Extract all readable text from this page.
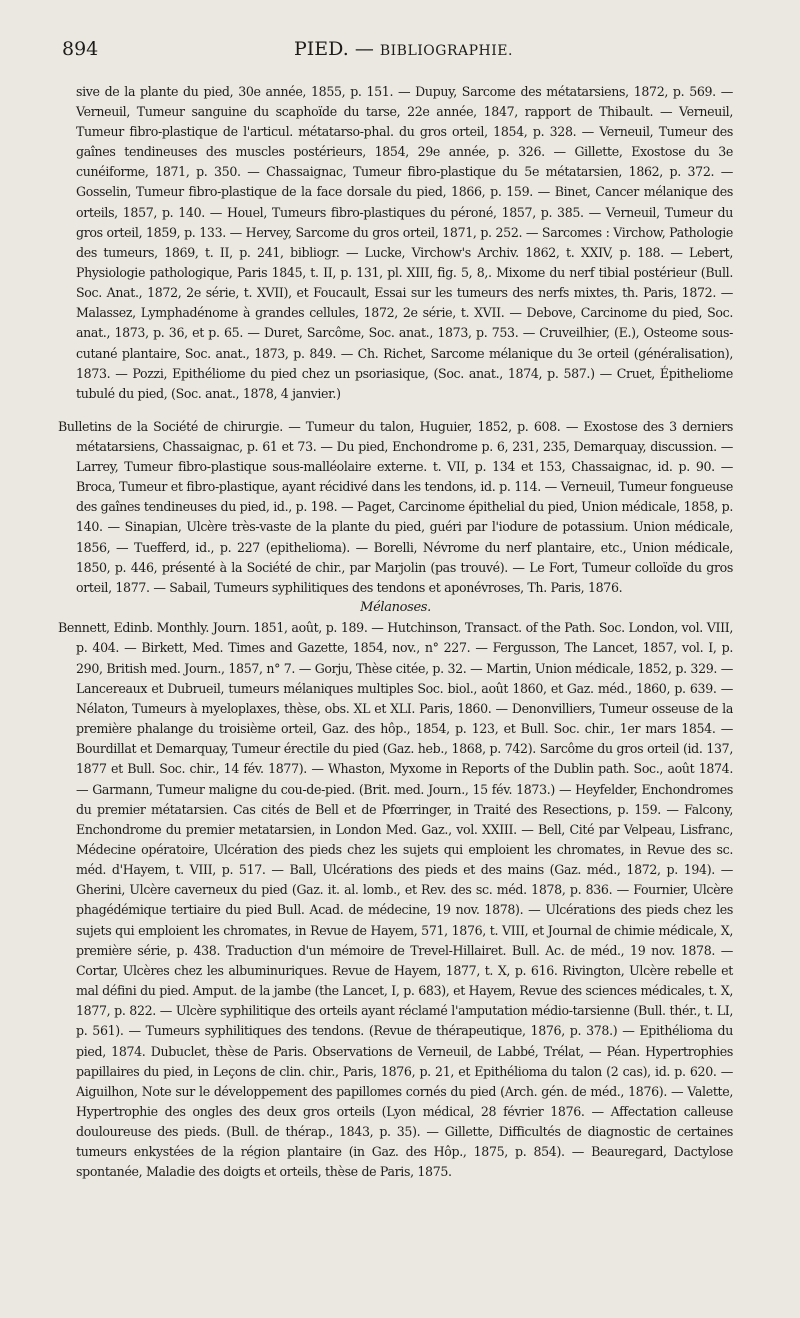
894	PIED. — BIBLIOGRAPHIE.

sive de la plante du pied, 30e année, 1855, p. 151. — Dupuy, Sarcome des métatarsiens, 1872, p. 569. — Verneuil, Tumeur sanguine du scaphoïde du tarse, 22e année, 1847, rapport de Thibault. — Verneuil, Tumeur fibro-plastique de l'articul. métatarso-phal. du gros orteil, 1854, p. 328. — Verneuil, Tumeur des gaînes tendineuses des muscles postérieurs, 1854, 29e année, p. 326. — Gillette, Exostose du 3e cunéiforme, 1871, p. 350. — Chassaignac, Tumeur fibro-plastique du 5e métatarsien, 1862, p. 372. — Gosselin, Tumeur fibro-plastique de la face dorsale du pied, 1866, p. 159. — Binet, Cancer mélanique des orteils, 1857, p. 140. — Houel, Tumeurs fibro-plastiques du péroné, 1857, p. 385. — Verneuil, Tumeur du gros orteil, 1859, p. 133. — Hervey, Sarcome du gros orteil, 1871, p. 252. — Sarcomes : Virchow, Pathologie des tumeurs, 1869, t. II, p. 241, bibliogr. — Lucke, Virchow's Archiv. 1862, t. XXIV, p. 188. — Lebert, Physiologie pathologique, Paris 1845, t. II, p. 131, pl. XIII, fig. 5, 8,. Mixome du nerf tibial postérieur (Bull. Soc. Anat., 1872, 2e série, t. XVII), et Foucault, Essai sur les tumeurs des nerfs mixtes, th. Paris, 1872. — Malassez, Lymphadénome à grandes cellules, 1872, 2e série, t. XVII. — Debove, Carcinome du pied, Soc. anat., 1873, p. 36, et p. 65. — Duret, Sarcôme, Soc. anat., 1873, p. 753. — Cruveilhier, (E.), Osteome sous-cutané plantaire, Soc. anat., 1873, p. 849. — Ch. Richet, Sarcome mélanique du 3e orteil (généralisation), 1873. — Pozzi, Epithéliome du pied chez un psoriasique, (Soc. anat., 1874, p. 587.) — Cruet, Épitheliome tubulé du pied, (Soc. anat., 1878, 4 janvier.)

Bulletins de la Société de chirurgie. — Tumeur du talon, Huguier, 1852, p. 608. — Exostose des 3 derniers métatarsiens, Chassaignac, p. 61 et 73. — Du pied, Enchondrome p. 6, 231, 235, Demarquay, discussion. — Larrey, Tumeur fibro-plastique sous-malléolaire externe. t. VII, p. 134 et 153, Chassaignac, id. p. 90. — Broca, Tumeur et fibro-plastique, ayant récidivé dans les tendons, id. p. 114. — Verneuil, Tumeur fongueuse des gaînes tendineuses du pied, id., p. 198. — Paget, Carcinome épithelial du pied, Union médicale, 1858, p. 140. — Sinapian, Ulcère très-vaste de la plante du pied, guéri par l'iodure de potassium. Union médicale, 1856, — Tuefferd, id., p. 227 (epithelioma). — Borelli, Névrome du nerf plantaire, etc., Union médicale, 1850, p. 446, présenté à la Société de chir., par Marjolin (pas trouvé). — Le Fort, Tumeur colloïde du gros orteil, 1877. — Sabail, Tumeurs syphilitiques des tendons et aponévroses, Th. Paris, 1876.

Mélanoses.

Bennett, Edinb. Monthly. Journ. 1851, août, p. 189. — Hutchinson, Transact. of the Path. Soc. London, vol. VIII, p. 404. — Birkett, Med. Times and Gazette, 1854, nov., n° 227. — Fergusson, The Lancet, 1857, vol. I, p. 290, British med. Journ., 1857, n° 7. — Gorju, Thèse citée, p. 32. — Martin, Union médicale, 1852, p. 329. — Lancereaux et Dubrueil, tumeurs mélaniques multiples Soc. biol., août 1860, et Gaz. méd., 1860, p. 639. — Nélaton, Tumeurs à myeloplaxes, thèse, obs. XL et XLI. Paris, 1860. — Denonvilliers, Tumeur osseuse de la première phalange du troisième orteil, Gaz. des hôp., 1854, p. 123, et Bull. Soc. chir., 1er mars 1854. — Bourdillat et Demarquay, Tumeur érectile du pied (Gaz. heb., 1868, p. 742). Sarcôme du gros orteil (id. 137, 1877 et Bull. Soc. chir., 14 fév. 1877). — Whaston, Myxome in Reports of the Dublin path. Soc., août 1874. — Garmann, Tumeur maligne du cou-de-pied. (Brit. med. Journ., 15 fév. 1873.) — Heyfelder, Enchondromes du premier métatarsien. Cas cités de Bell et de Pfœrringer, in Traité des Resections, p. 159. — Falcony, Enchondrome du premier metatarsien, in London Med. Gaz., vol. XXIII. — Bell, Cité par Velpeau, Lisfranc, Médecine opératoire, Ulcération des pieds chez les sujets qui emploient les chromates, in Revue des sc. méd. d'Hayem, t. VIII, p. 517. — Ball, Ulcérations des pieds et des mains (Gaz. méd., 1872, p. 194). — Gherini, Ulcère caverneux du pied (Gaz. it. al. lomb., et Rev. des sc. méd. 1878, p. 836. — Fournier, Ulcère phagédémique tertiaire du pied Bull. Acad. de médecine, 19 nov. 1878). — Ulcérations des pieds chez les sujets qui emploient les chromates, in Revue de Hayem, 571, 1876, t. VIII, et Journal de chimie médicale, X, première série, p. 438. Traduction d'un mémoire de Trevel-Hillairet. Bull. Ac. de méd., 19 nov. 1878. — Cortar, Ulcères chez les albuminuriques. Revue de Hayem, 1877, t. X, p. 616. Rivington, Ulcère rebelle et mal défini du pied. Amput. de la jambe (the Lancet, I, p. 683), et Hayem, Revue des sciences médicales, t. X, 1877, p. 822. — Ulcère syphilitique des orteils ayant réclamé l'amputation médio-tarsienne (Bull. thér., t. LI, p. 561). — Tumeurs syphilitiques des tendons. (Revue de thérapeutique, 1876, p. 378.) — Epithélioma du pied, 1874. Dubuclet, thèse de Paris. Observations de Verneuil, de Labbé, Trélat, — Péan. Hypertrophies papillaires du pied, in Leçons de clin. chir., Paris, 1876, p. 21, et Epithélioma du talon (2 cas), id. p. 620. — Aiguilhon, Note sur le développement des papillomes cornés du pied (Arch. gén. de méd., 1876). — Valette, Hypertrophie des ongles des deux gros orteils (Lyon médical, 28 février 1876. — Affectation calleuse douloureuse des pieds. (Bull. de thérap., 1843, p. 35). — Gillette, Difficultés de diagnostic de certaines tumeurs enkystées de la région plantaire (in Gaz. des Hôp., 1875, p. 854). — Beauregard, Dactylose spontanée, Maladie des doigts et orteils, thèse de Paris, 1875.
